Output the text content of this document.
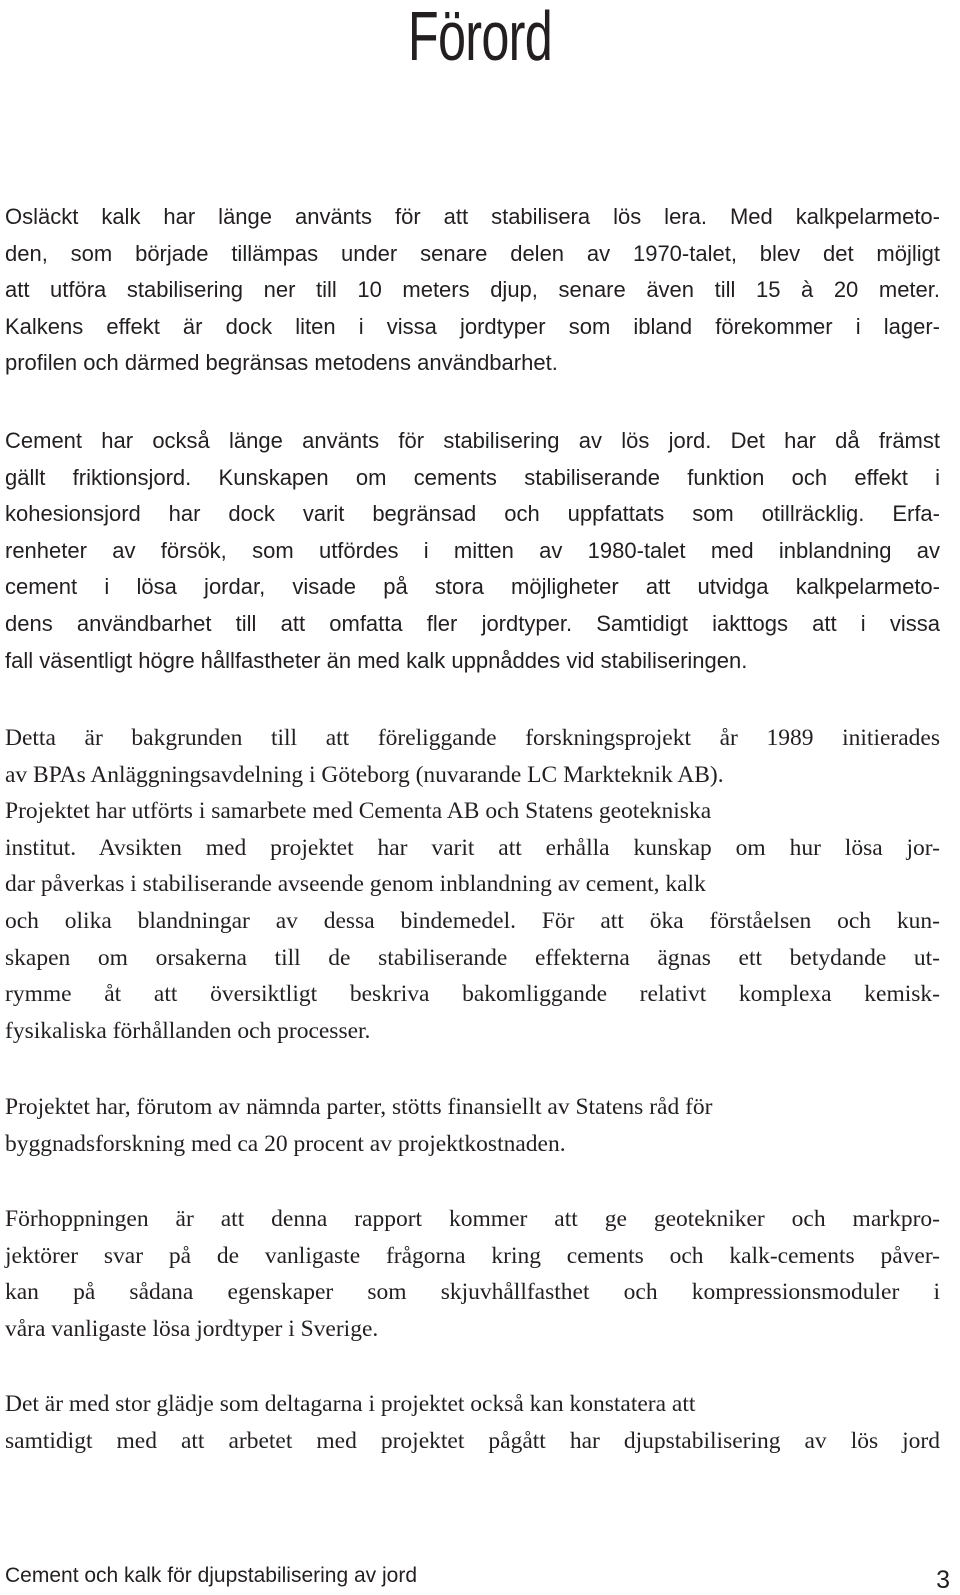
Förord
Osläckt kalk har länge använts för att stabilisera lös lera. Med kalkpelarmeto-
den, som började tillämpas under senare delen av 1970-talet, blev det möjligt
att utföra stabilisering ner till 10 meters djup, senare även till 15 à 20 meter.
Kalkens effekt är dock liten i vissa jordtyper som ibland förekommer i lager-
profilen och därmed begränsas metodens användbarhet.
Cement har också länge använts för stabilisering av lös jord. Det har då främst
gällt friktionsjord. Kunskapen om cements stabiliserande funktion och effekt i
kohesionsjord har dock varit begränsad och uppfattats som otillräcklig. Erfa-
renheter av försök, som utfördes i mitten av 1980-talet med inblandning av
cement i lösa jordar, visade på stora möjligheter att utvidga kalkpelarmeto-
dens användbarhet till att omfatta fler jordtyper. Samtidigt iakttogs att i vissa
fall väsentligt högre hållfastheter än med kalk uppnåddes vid stabiliseringen.
Detta är bakgrunden till att föreliggande forskningsprojekt år 1989 initierades
av BPAs Anläggningsavdelning i Göteborg (nuvarande LC Markteknik AB).
Projektet har utförts i samarbete med Cementa AB och Statens geotekniska
institut. Avsikten med projektet har varit att erhålla kunskap om hur lösa jor-
dar påverkas i stabiliserande avseende genom inblandning av cement, kalk
och olika blandningar av dessa bindemedel. För att öka förståelsen och kun-
skapen om orsakerna till de stabiliserande effekterna ägnas ett betydande ut-
rymme åt att översiktligt beskriva bakomliggande relativt komplexa kemisk-
fysikaliska förhållanden och processer.
Projektet har, förutom av nämnda parter, stötts finansiellt av Statens råd för
byggnadsforskning med ca 20 procent av projektkostnaden.
Förhoppningen är att denna rapport kommer att ge geotekniker och markpro-
jektörer svar på de vanligaste frågorna kring cements och kalk-cements påver-
kan på sådana egenskaper som skjuvhållfasthet och kompressionsmoduler i
våra vanligaste lösa jordtyper i Sverige.
Det är med stor glädje som deltagarna i projektet också kan konstatera att
samtidigt med att arbetet med projektet pågått har djupstabilisering av lös jord
Cement och kalk för djupstabilisering av jord	3
